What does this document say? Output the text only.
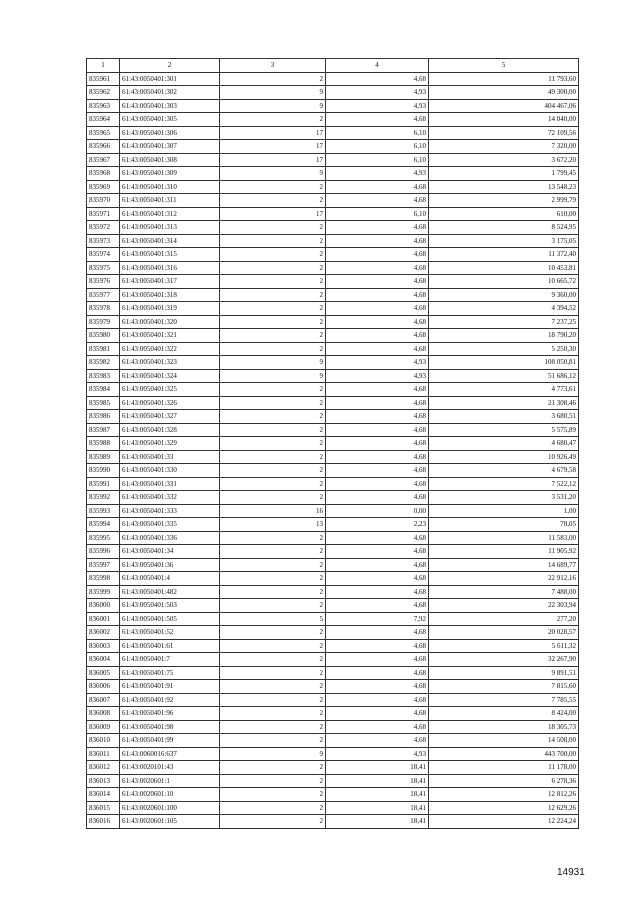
1	2	3	4	5
835961	61:43:0050401:301	2	4,68	11 793,60
835962	61:43:0050401:302	9	4,93	49 300,00
835963	61:43:0050401:303	9	4,93	404 467,06
835964	61:43:0050401:305	2	4,68	14 040,00
835965	61:43:0050401:306	17	6,10	72 109,56
835966	61:43:0050401:307	17	6,10	7 320,00
835967	61:43:0050401:308	17	6,10	3 672,20
835968	61:43:0050401:309	9	4,93	1 799,45
835969	61:43:0050401:310	2	4,68	13 548,23
835970	61:43:0050401:311	2	4,68	2 999,79
835971	61:43:0050401:312	17	6,10	610,00
835972	61:43:0050401:313	2	4,68	8 524,95
835973	61:43:0050401:314	2	4,68	3 175,05
835974	61:43:0050401:315	2	4,68	11 372,40
835975	61:43:0050401:316	2	4,68	10 453,81
835976	61:43:0050401:317	2	4,68	10 665,72
835977	61:43:0050401:318	2	4,68	9 360,00
835978	61:43:0050401:319	2	4,68	4 394,52
835979	61:43:0050401:320	2	4,68	7 237,25
835980	61:43:0050401:321	2	4,68	18 790,20
835981	61:43:0050401:322	2	4,68	5 250,30
835982	61:43:0050401:323	9	4,93	108 050,81
835983	61:43:0050401:324	9	4,93	51 686,12
835984	61:43:0050401:325	2	4,68	4 773,61
835985	61:43:0050401:326	2	4,68	21 308,46
835986	61:43:0050401:327	2	4,68	3 680,51
835987	61:43:0050401:328	2	4,68	5 575,89
835988	61:43:0050401:329	2	4,68	4 680,47
835989	61:43:0050401:33	2	4,68	10 926,49
835990	61:43:0050401:330	2	4,68	4 679,58
835991	61:43:0050401:331	2	4,68	7 522,12
835992	61:43:0050401:332	2	4,68	3 531,20
835993	61:43:0050401:333	16	0,00	1,00
835994	61:43:0050401:335	13	2,23	78,05
835995	61:43:0050401:336	2	4,68	11 583,00
835996	61:43:0050401:34	2	4,68	11 905,92
835997	61:43:0050401:36	2	4,68	14 689,77
835998	61:43:0050401:4	2	4,68	22 912,16
835999	61:43:0050401:482	2	4,68	7 488,00
836000	61:43:0050401:503	2	4,68	22 303,94
836001	61:43:0050401:505	5	7,92	277,20
836002	61:43:0050401:52	2	4,68	20 028,57
836003	61:43:0050401:61	2	4,68	5 611,32
836004	61:43:0050401:7	2	4,68	32 267,90
836005	61:43:0050401:75	2	4,68	9 891,51
836006	61:43:0050401:91	2	4,68	7 815,60
836007	61:43:0050401:92	2	4,68	7 785,55
836008	61:43:0050401:96	2	4,68	8 424,00
836009	61:43:0050401:98	2	4,68	18 305,73
836010	61:43:0050401:99	2	4,68	14 508,00
836011	61:43:0060016:637	9	4,93	443 700,00
836012	61:43:0020101:43	2	18,41	11 178,00
836013	61:43:0020601:1	2	18,41	6 278,36
836014	61:43:0020601:10	2	18,41	12 812,26
836015	61:43:0020601:100	2	18,41	12 629,26
836016	61:43:0020601:105	2	18,41	12 224,24
14931
